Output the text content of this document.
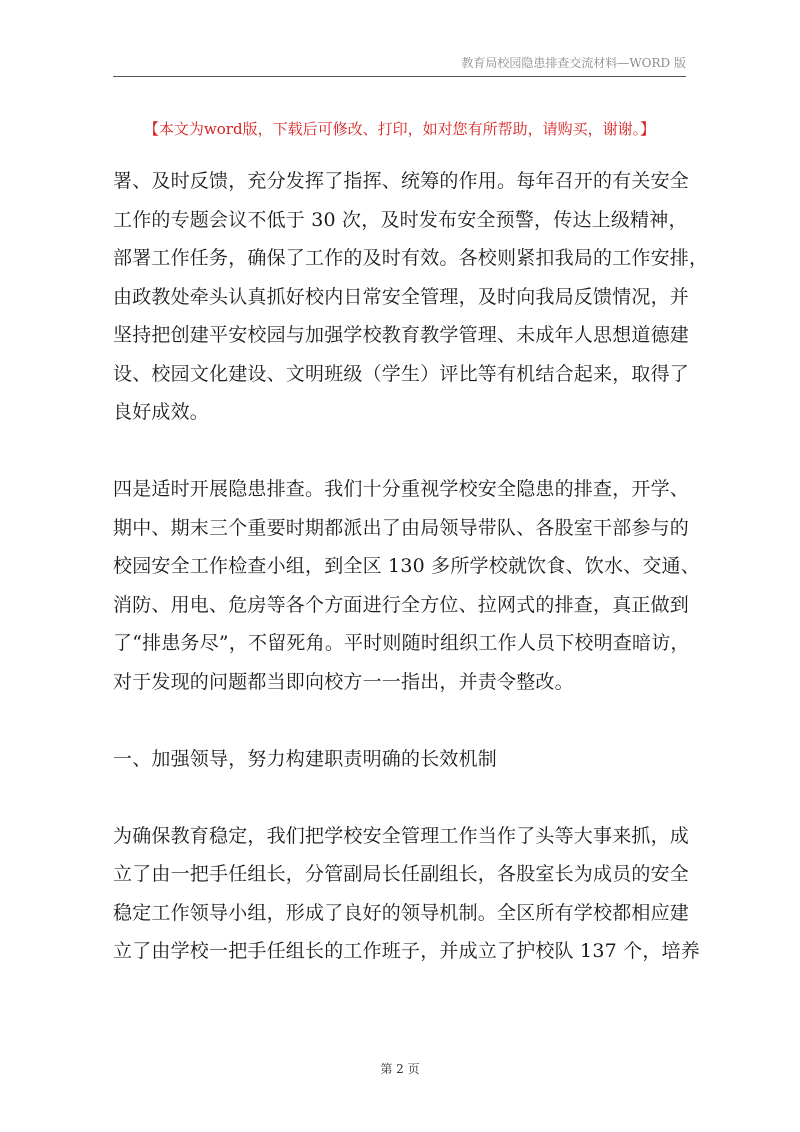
教育局校园隐患排查交流材料—WORD 版
【本文为word版，下载后可修改、打印，如对您有所帮助，请购买，谢谢。】

署、及时反馈，充分发挥了指挥、统筹的作用。每年召开的有关安全
工作的专题会议不低于 30 次，及时发布安全预警，传达上级精神，
部署工作任务，确保了工作的及时有效。各校则紧扣我局的工作安排，
由政教处牵头认真抓好校内日常安全管理，及时向我局反馈情况，并
坚持把创建平安校园与加强学校教育教学管理、未成年人思想道德建
设、校园文化建设、文明班级（学生）评比等有机结合起来，取得了
良好成效。

四是适时开展隐患排查。我们十分重视学校安全隐患的排查，开学、
期中、期末三个重要时期都派出了由局领导带队、各股室干部参与的
校园安全工作检查小组，到全区 130 多所学校就饮食、饮水、交通、
消防、用电、危房等各个方面进行全方位、拉网式的排查，真正做到
了“排患务尽”，不留死角。平时则随时组织工作人员下校明查暗访，
对于发现的问题都当即向校方一一指出，并责令整改。

一、加强领导，努力构建职责明确的长效机制

为确保教育稳定，我们把学校安全管理工作当作了头等大事来抓，成
立了由一把手任组长，分管副局长任副组长，各股室长为成员的安全
稳定工作领导小组，形成了良好的领导机制。全区所有学校都相应建
立了由学校一把手任组长的工作班子，并成立了护校队 137 个，培养

第 2 页
